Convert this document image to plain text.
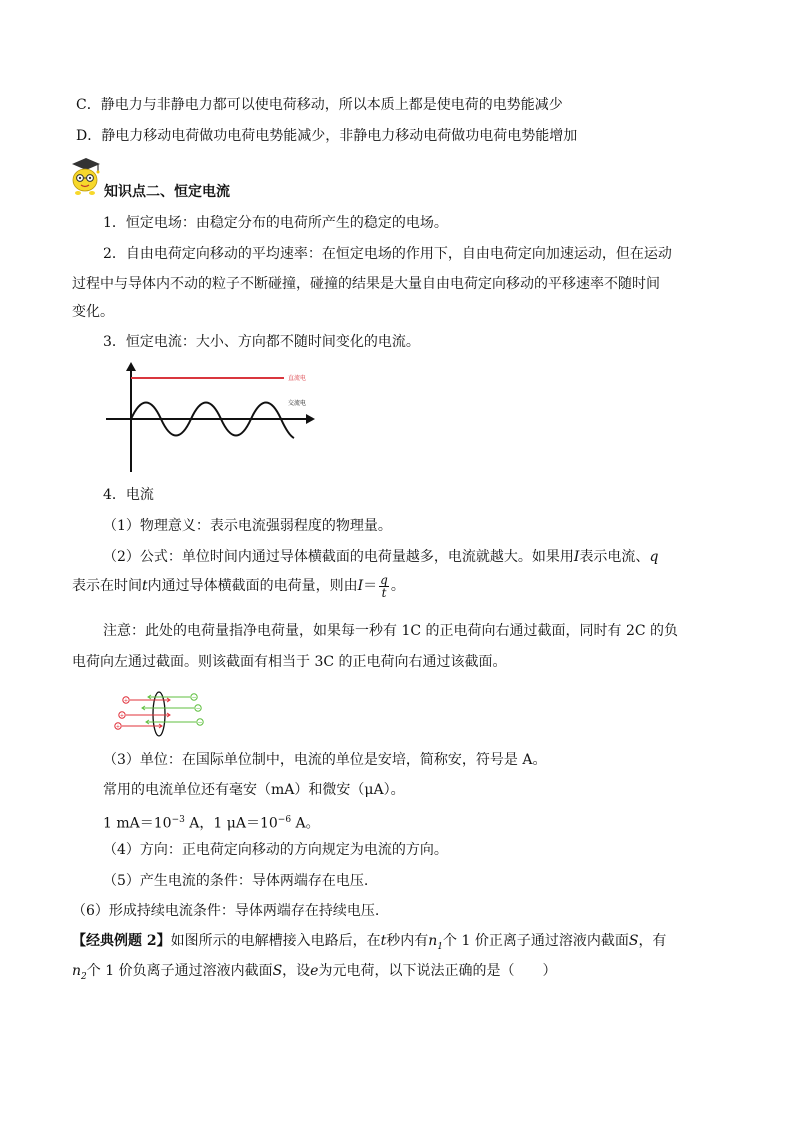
C．静电力与非静电力都可以使电荷移动，所以本质上都是使电荷的电势能减少
D．静电力移动电荷做功电荷电势能减少，非静电力移动电荷做功电荷电势能增加
知识点二、恒定电流
1．恒定电场：由稳定分布的电荷所产生的稳定的电场。
2．自由电荷定向移动的平均速率：在恒定电场的作用下，自由电荷定向加速运动，但在运动
过程中与导体内不动的粒子不断碰撞，碰撞的结果是大量自由电荷定向移动的平移速率不随时间
变化。
3．恒定电流：大小、方向都不随时间变化的电流。
直流电
交流电
4．电流
（1）物理意义：表示电流强弱程度的物理量。
（2）公式：单位时间内通过导体横截面的电荷量越多，电流就越大。如果用I表示电流、q
表示在时间t内通过导体横截面的电荷量，则由$I= \frac{q}{t}$ 。
注意：此处的电荷量指净电荷量，如果每一秒有 1C 的正电荷向右通过截面，同时有 2C 的负
电荷向左通过截面。则该截面有相当于 3C 的正电荷向右通过该截面。
+
+
+
−
−
−
（3）单位：在国际单位制中，电流的单位是安培，简称安，符号是 A。
常用的电流单位还有毫安（mA）和微安（μA）。
1 $mA=10^{-3}$ A，1 $\mu A=10^{-6}$ A。
（4）方向：正电荷定向移动的方向规定为电流的方向。
（5）产生电流的条件：导体两端存在电压.
（6）形成持续电流条件：导体两端存在持续电压.
【经典例题 2】如图所示的电解槽接入电路后，在t秒内有$n_1$个 1 价正离子通过溶液内截面S，有
$n_2$个 1 价负离子通过溶液内截面S，设e为元电荷，以下说法正确的是（　　）
